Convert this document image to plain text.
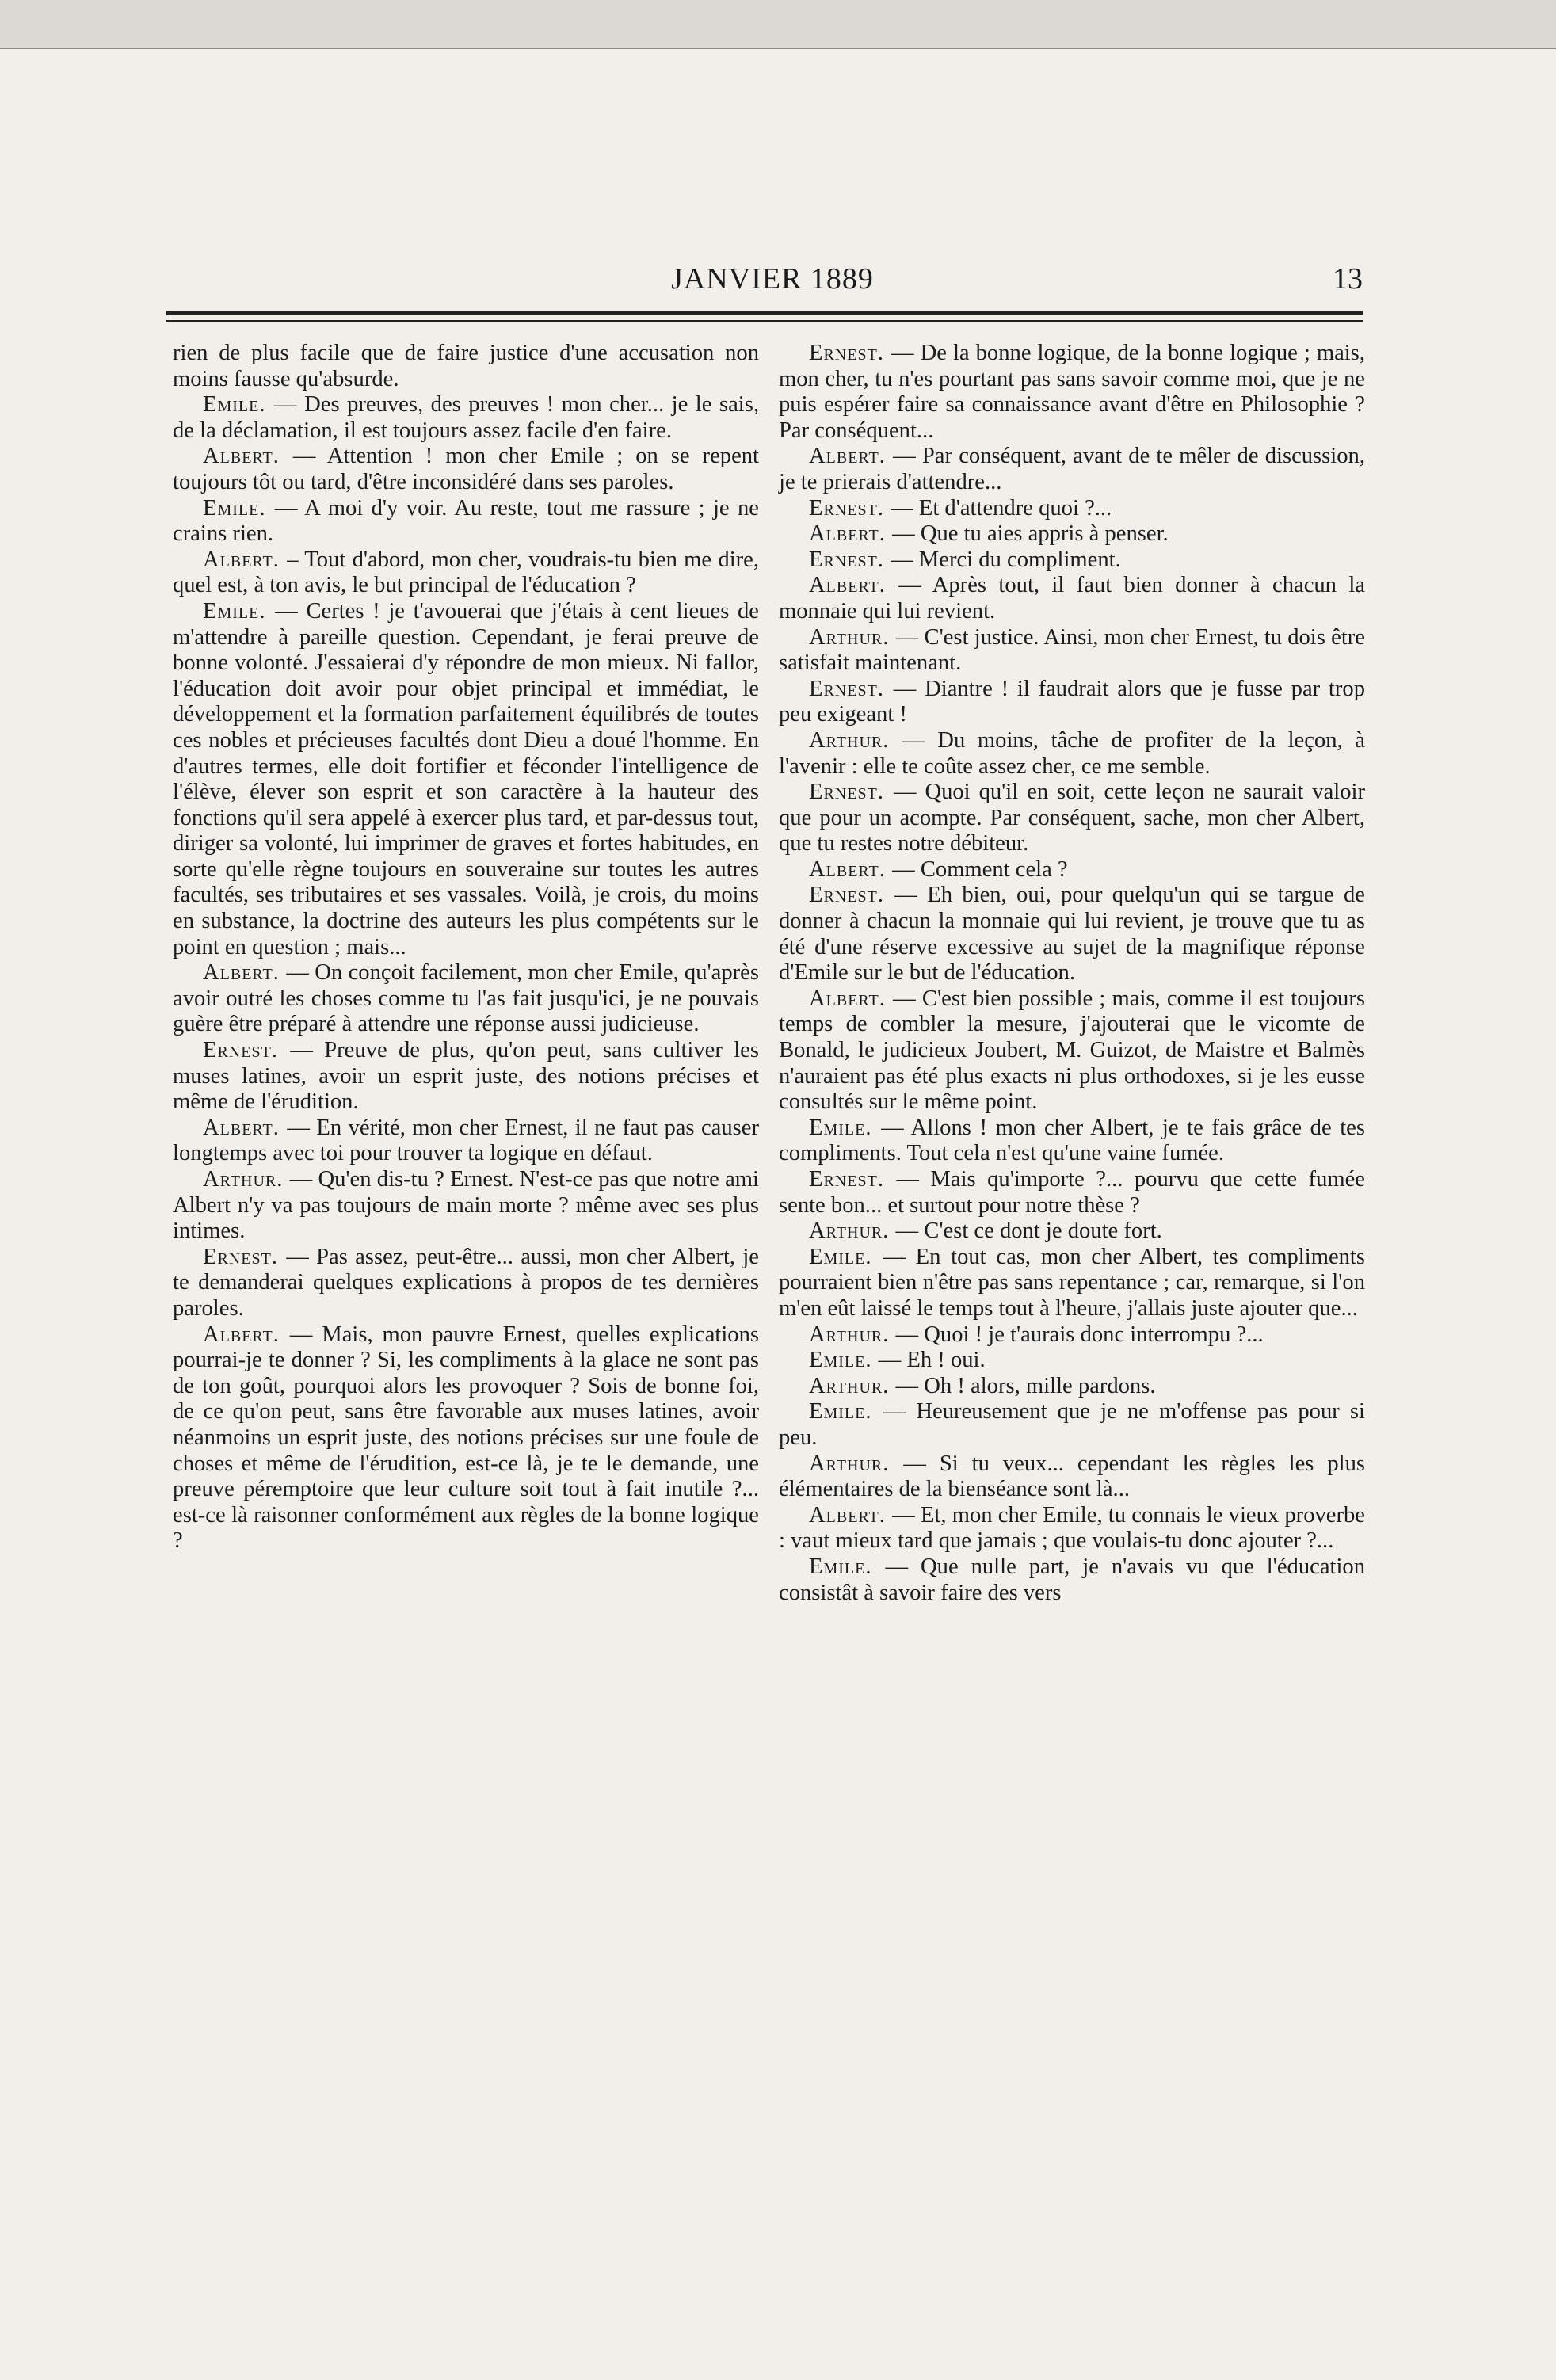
JANVIER 1889	13

rien de plus facile que de faire justice d'une accusation non moins fausse qu'absurde.

Emile. — Des preuves, des preuves ! mon cher... je le sais, de la déclamation, il est toujours assez facile d'en faire.

Albert. — Attention ! mon cher Emile ; on se repent toujours tôt ou tard, d'être inconsidéré dans ses paroles.

Emile. — A moi d'y voir. Au reste, tout me rassure ; je ne crains rien.

Albert. – Tout d'abord, mon cher, voudrais-tu bien me dire, quel est, à ton avis, le but principal de l'éducation ?

Emile. — Certes ! je t'avouerai que j'étais à cent lieues de m'attendre à pareille question. Cependant, je ferai preuve de bonne volonté. J'essaierai d'y répondre de mon mieux. Ni fallor, l'éducation doit avoir pour objet principal et immédiat, le développement et la formation parfaitement équilibrés de toutes ces nobles et précieuses facultés dont Dieu a doué l'homme. En d'autres termes, elle doit fortifier et féconder l'intelligence de l'élève, élever son esprit et son caractère à la hauteur des fonctions qu'il sera appelé à exercer plus tard, et par-dessus tout, diriger sa volonté, lui imprimer de graves et fortes habitudes, en sorte qu'elle règne toujours en souveraine sur toutes les autres facultés, ses tributaires et ses vassales. Voilà, je crois, du moins en substance, la doctrine des auteurs les plus compétents sur le point en question ; mais...

Albert. — On conçoit facilement, mon cher Emile, qu'après avoir outré les choses comme tu l'as fait jusqu'ici, je ne pouvais guère être préparé à attendre une réponse aussi judicieuse.

Ernest. — Preuve de plus, qu'on peut, sans cultiver les muses latines, avoir un esprit juste, des notions précises et même de l'érudition.

Albert. — En vérité, mon cher Ernest, il ne faut pas causer longtemps avec toi pour trouver ta logique en défaut.

Arthur. — Qu'en dis-tu ? Ernest. N'est-ce pas que notre ami Albert n'y va pas toujours de main morte ? même avec ses plus intimes.

Ernest. — Pas assez, peut-être... aussi, mon cher Albert, je te demanderai quelques explications à propos de tes dernières paroles.

Albert. — Mais, mon pauvre Ernest, quelles explications pourrai-je te donner ? Si, les compliments à la glace ne sont pas de ton goût, pourquoi alors les provoquer ? Sois de bonne foi, de ce qu'on peut, sans être favorable aux muses latines, avoir néanmoins un esprit juste, des notions précises sur une foule de choses et même de l'érudition, est-ce là, je te le demande, une preuve péremptoire que leur culture soit tout à fait inutile ?... est-ce là raisonner conformément aux règles de la bonne logique ?

Ernest. — De la bonne logique, de la bonne logique ; mais, mon cher, tu n'es pourtant pas sans savoir comme moi, que je ne puis espérer faire sa connaissance avant d'être en Philosophie ? Par conséquent...

Albert. — Par conséquent, avant de te mêler de discussion, je te prierais d'attendre...

Ernest. — Et d'attendre quoi ?...

Albert. — Que tu aies appris à penser.

Ernest. — Merci du compliment.

Albert. — Après tout, il faut bien donner à chacun la monnaie qui lui revient.

Arthur. — C'est justice. Ainsi, mon cher Ernest, tu dois être satisfait maintenant.

Ernest. — Diantre ! il faudrait alors que je fusse par trop peu exigeant !

Arthur. — Du moins, tâche de profiter de la leçon, à l'avenir : elle te coûte assez cher, ce me semble.

Ernest. — Quoi qu'il en soit, cette leçon ne saurait valoir que pour un acompte. Par conséquent, sache, mon cher Albert, que tu restes notre débiteur.

Albert. — Comment cela ?

Ernest. — Eh bien, oui, pour quelqu'un qui se targue de donner à chacun la monnaie qui lui revient, je trouve que tu as été d'une réserve excessive au sujet de la magnifique réponse d'Emile sur le but de l'éducation.

Albert. — C'est bien possible ; mais, comme il est toujours temps de combler la mesure, j'ajouterai que le vicomte de Bonald, le judicieux Joubert, M. Guizot, de Maistre et Balmès n'auraient pas été plus exacts ni plus orthodoxes, si je les eusse consultés sur le même point.

Emile. — Allons ! mon cher Albert, je te fais grâce de tes compliments. Tout cela n'est qu'une vaine fumée.

Ernest. — Mais qu'importe ?... pourvu que cette fumée sente bon... et surtout pour notre thèse ?

Arthur. — C'est ce dont je doute fort.

Emile. — En tout cas, mon cher Albert, tes compliments pourraient bien n'être pas sans repentance ; car, remarque, si l'on m'en eût laissé le temps tout à l'heure, j'allais juste ajouter que...

Arthur. — Quoi ! je t'aurais donc interrompu ?...

Emile. — Eh ! oui.

Arthur. — Oh ! alors, mille pardons.

Emile. — Heureusement que je ne m'offense pas pour si peu.

Arthur. — Si tu veux... cependant les règles les plus élémentaires de la bienséance sont là...

Albert. — Et, mon cher Emile, tu connais le vieux proverbe : vaut mieux tard que jamais ; que voulais-tu donc ajouter ?...

Emile. — Que nulle part, je n'avais vu que l'éducation consistât à savoir faire des vers
